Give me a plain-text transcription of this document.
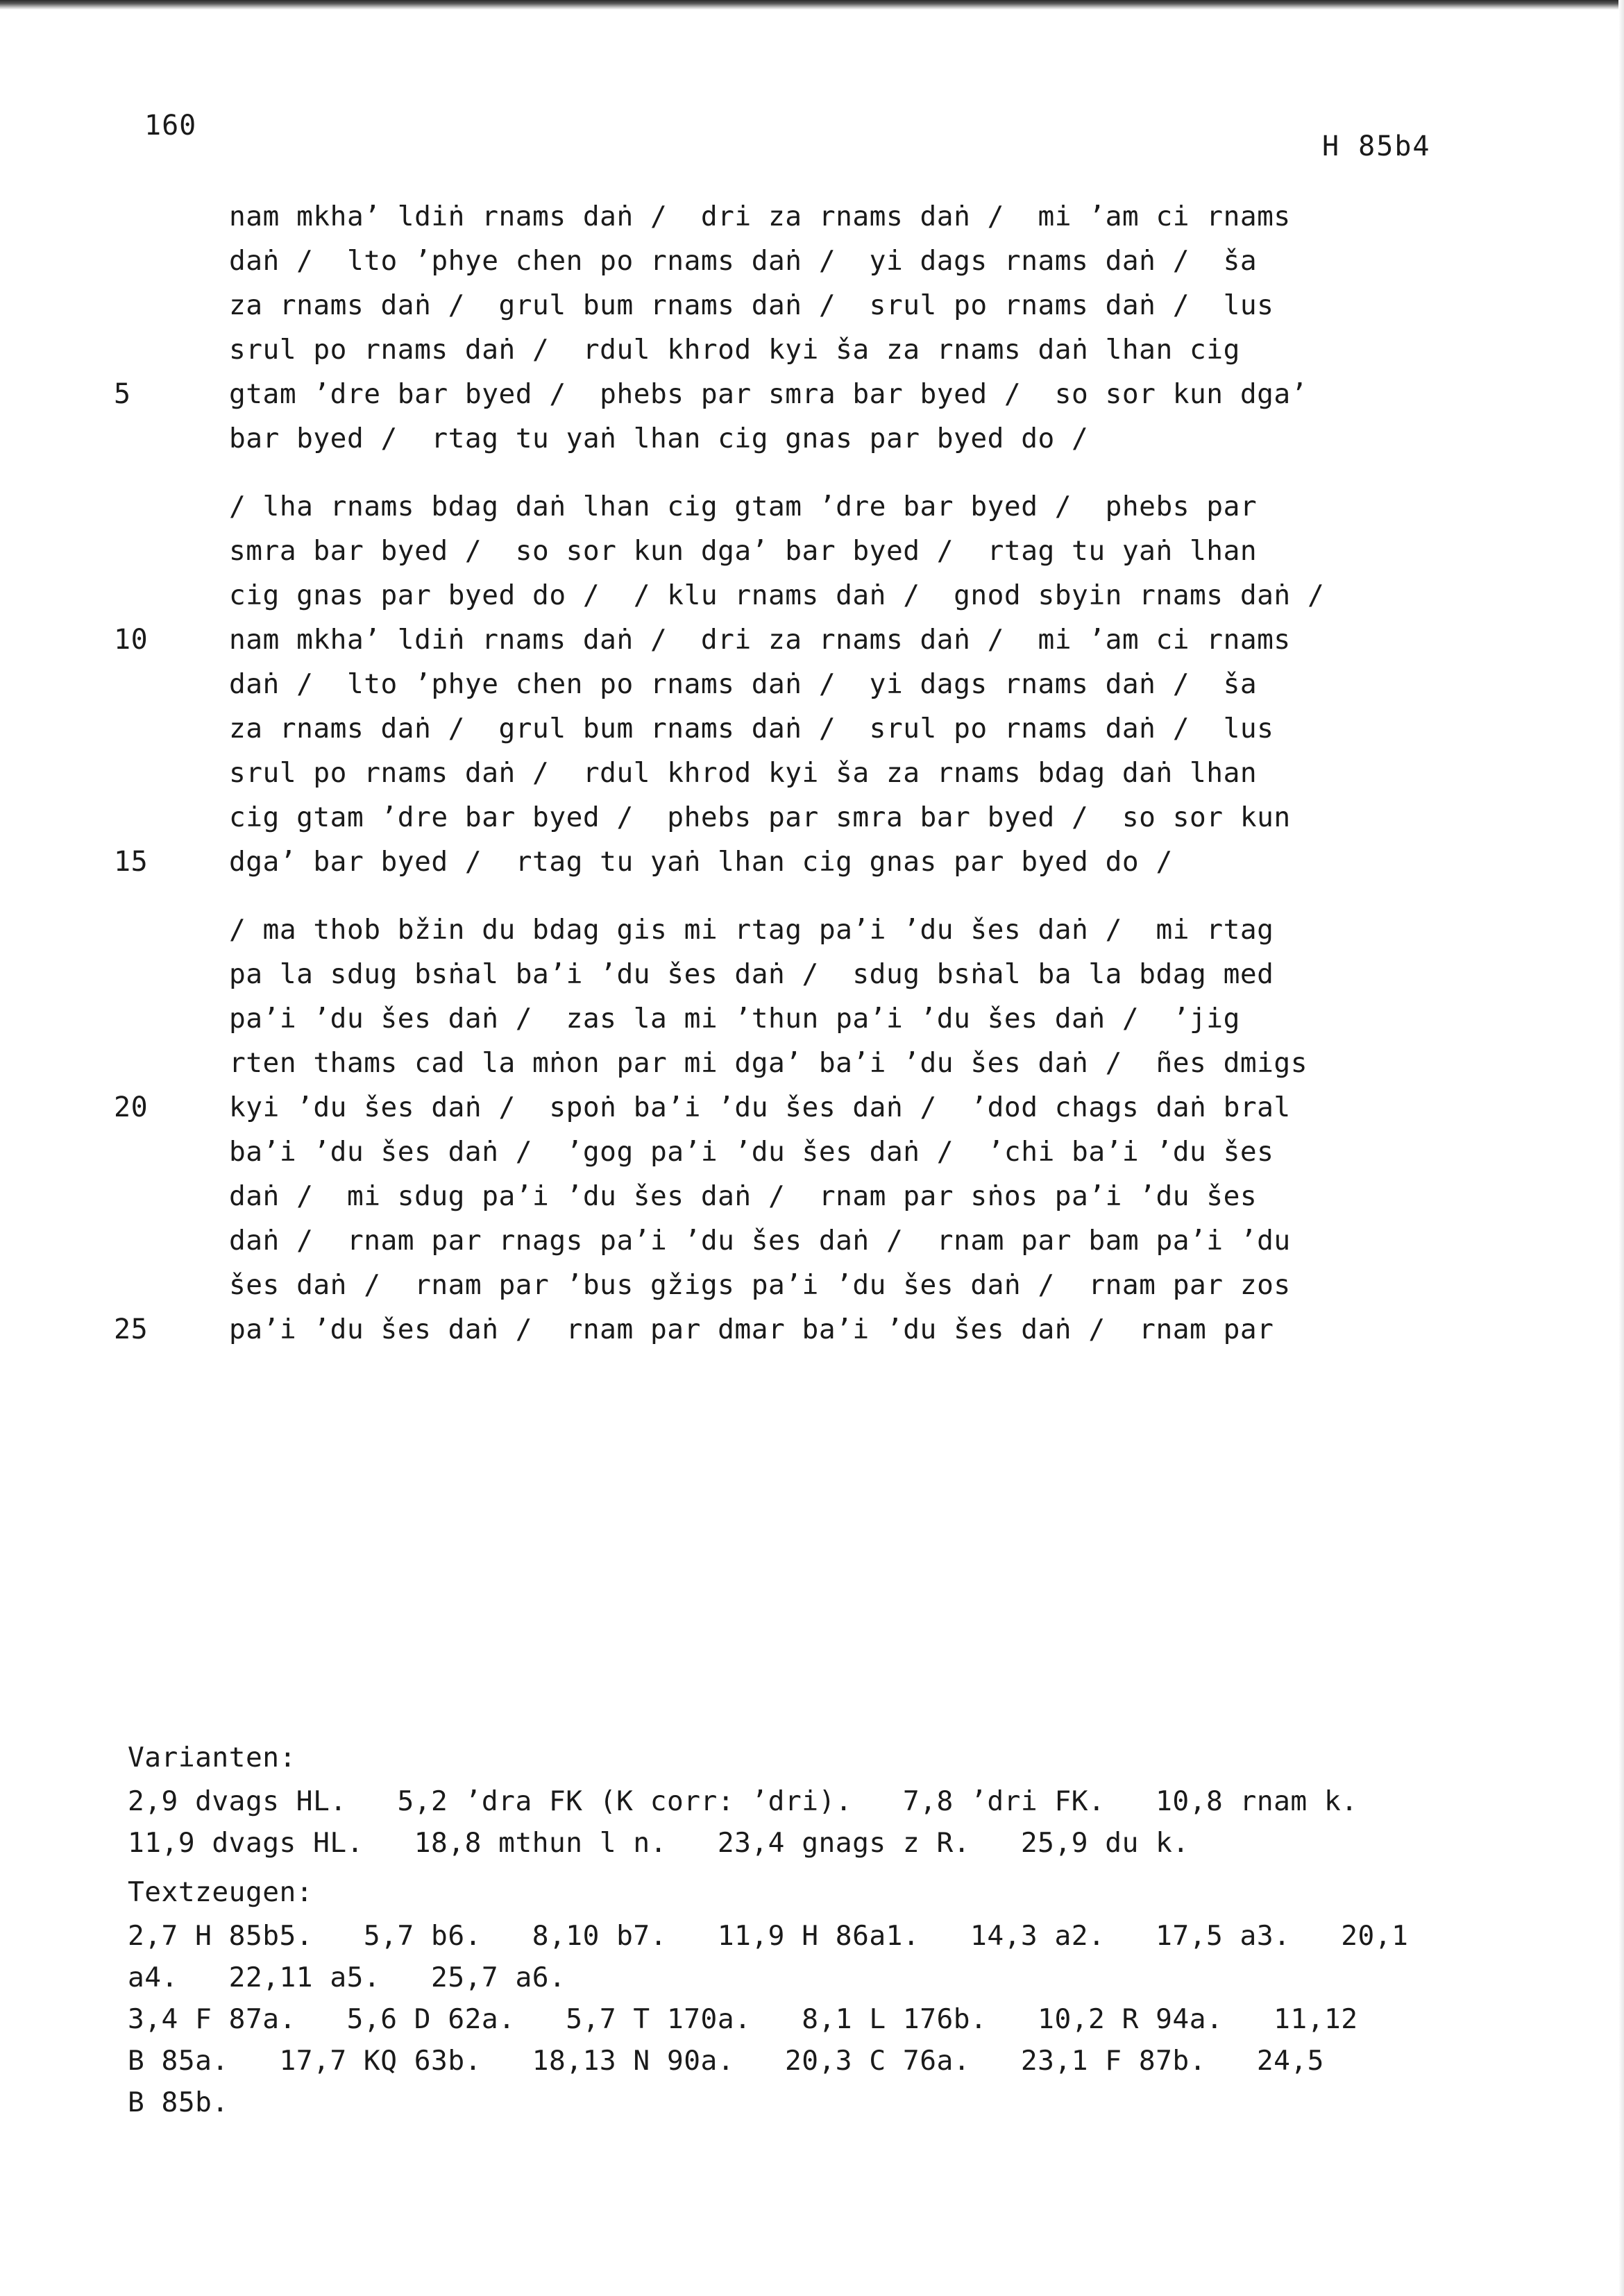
160
H 85b4
nam mkha’ ldiṅ rnams daṅ /  dri za rnams daṅ /  mi ’am ci rnams
daṅ /  lto ’phye chen po rnams daṅ /  yi dags rnams daṅ /  ša
za rnams daṅ /  grul bum rnams daṅ /  srul po rnams daṅ /  lus
srul po rnams daṅ /  rdul khrod kyi ša za rnams daṅ lhan cig
5	gtam ’dre bar byed /  phebs par smra bar byed /  so sor kun dga’
bar byed /  rtag tu yaṅ lhan cig gnas par byed do /
/ lha rnams bdag daṅ lhan cig gtam ’dre bar byed /  phebs par
smra bar byed /  so sor kun dga’ bar byed /  rtag tu yaṅ lhan
cig gnas par byed do /  / klu rnams daṅ /  gnod sbyin rnams daṅ /
10	nam mkha’ ldiṅ rnams daṅ /  dri za rnams daṅ /  mi ’am ci rnams
daṅ /  lto ’phye chen po rnams daṅ /  yi dags rnams daṅ /  ša
za rnams daṅ /  grul bum rnams daṅ /  srul po rnams daṅ /  lus
srul po rnams daṅ /  rdul khrod kyi ša za rnams bdag daṅ lhan
cig gtam ’dre bar byed /  phebs par smra bar byed /  so sor kun
15	dga’ bar byed /  rtag tu yaṅ lhan cig gnas par byed do /
/ ma thob bžin du bdag gis mi rtag pa’i ’du šes daṅ /  mi rtag
pa la sdug bsṅal ba’i ’du šes daṅ /  sdug bsṅal ba la bdag med
pa’i ’du šes daṅ /  zas la mi ’thun pa’i ’du šes daṅ /  ’jig
rten thams cad la mṅon par mi dga’ ba’i ’du šes daṅ /  ñes dmigs
20	kyi ’du šes daṅ /  spoṅ ba’i ’du šes daṅ /  ’dod chags daṅ bral
ba’i ’du šes daṅ /  ’gog pa’i ’du šes daṅ /  ’chi ba’i ’du šes
daṅ /  mi sdug pa’i ’du šes daṅ /  rnam par sṅos pa’i ’du šes
daṅ /  rnam par rnags pa’i ’du šes daṅ /  rnam par bam pa’i ’du
šes daṅ /  rnam par ’bus gžigs pa’i ’du šes daṅ /  rnam par zos
25	pa’i ’du šes daṅ /  rnam par dmar ba’i ’du šes daṅ /  rnam par
Varianten:
2,9 dvags HL.   5,2 ’dra FK (K corr: ’dri).   7,8 ’dri FK.   10,8 rnam k.
11,9 dvags HL.   18,8 mthun l n.   23,4 gnags z R.   25,9 du k.
Textzeugen:
2,7 H 85b5.   5,7 b6.   8,10 b7.   11,9 H 86a1.   14,3 a2.   17,5 a3.   20,1
a4.   22,11 a5.   25,7 a6.
3,4 F 87a.   5,6 D 62a.   5,7 T 170a.   8,1 L 176b.   10,2 R 94a.   11,12
B 85a.   17,7 KQ 63b.   18,13 N 90a.   20,3 C 76a.   23,1 F 87b.   24,5
B 85b.
